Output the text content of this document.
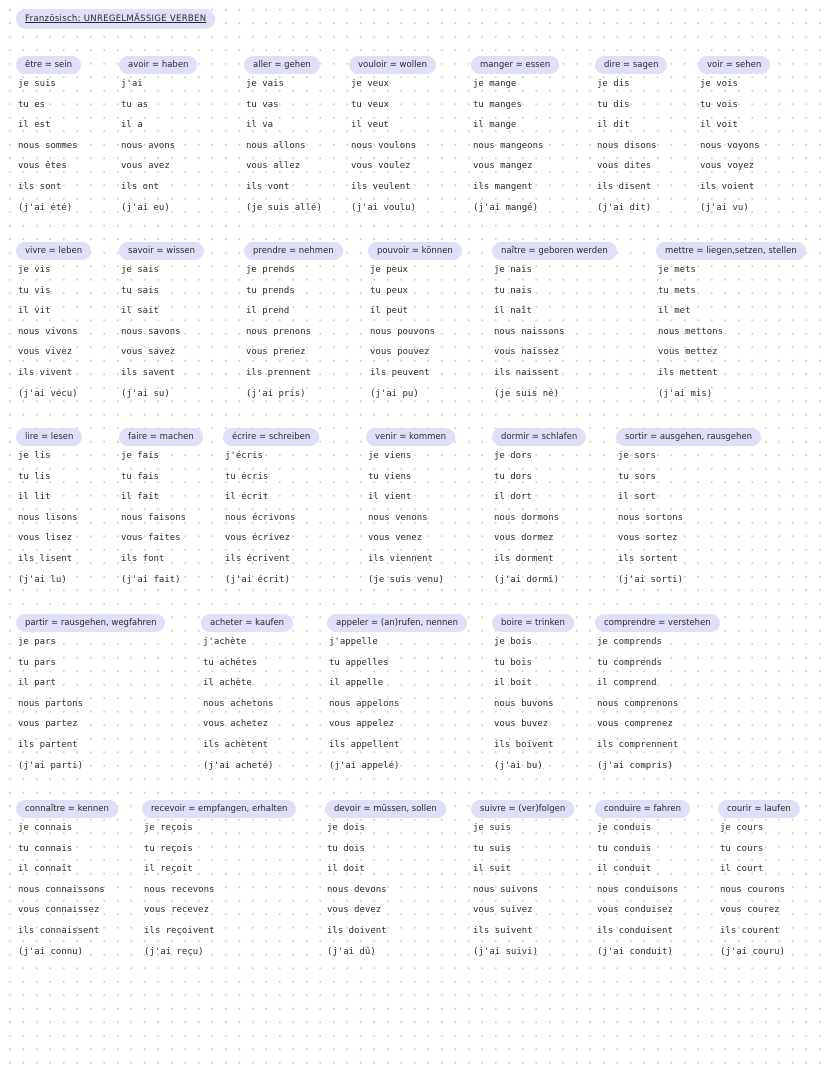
Französisch: UNREGELMÄSSIGE VERBEN
être = sein
je suis
tu es
il est
nous sommes
vous êtes
ils sont
(j'ai été)
avoir = haben
j'ai
tu as
il a
nous avons
vous avez
ils ont
(j'ai eu)
aller = gehen
je vais
tu vas
il va
nous allons
vous allez
ils vont
(je suis allé)
vouloir = wollen
je veux
tu veux
il veut
nous voulons
vous voulez
ils veulent
(j'ai voulu)
manger = essen
je mange
tu manges
il mange
nous mangeons
vous mangez
ils mangent
(j'ai mangé)
dire = sagen
je dis
tu dis
il dit
nous disons
vous dites
ils disent
(j'ai dit)
voir = sehen
je vois
tu vois
il voit
nous voyons
vous voyez
ils voient
(j'ai vu)
vivre = leben
je vis
tu vis
il vit
nous vivons
vous vivez
ils vivent
(j'ai vécu)
savoir = wissen
je sais
tu sais
il sait
nous savons
vous savez
ils savent
(j'ai su)
prendre = nehmen
je prends
tu prends
il prend
nous prenons
vous prenez
ils prennent
(j'ai pris)
pouvoir = können
je peux
tu peux
il peut
nous pouvons
vous pouvez
ils peuvent
(j'ai pu)
naître = geboren werden
je nais
tu nais
il naît
nous naissons
vous naissez
ils naissent
(je suis né)
mettre = liegen,setzen, stellen
je mets
tu mets
il met
nous mettons
vous mettez
ils mettent
(j'ai mis)
lire = lesen
je lis
tu lis
il lit
nous lisons
vous lisez
ils lisent
(j'ai lu)
faire = machen
je fais
tu fais
il fait
nous faisons
vous faites
ils font
(j'ai fait)
écrire = schreiben
j'écris
tu écris
il écrit
nous écrivons
vous écrivez
ils écrivent
(j'ai écrit)
venir = kommen
je viens
tu viens
il vient
nous venons
vous venez
ils viennent
(je suis venu)
dormir = schlafen
je dors
tu dors
il dort
nous dormons
vous dormez
ils dorment
(j'ai dormi)
sortir = ausgehen, rausgehen
je sors
tu sors
il sort
nous sortons
vous sortez
ils sortent
(j'ai sorti)
partir = rausgehen, wegfahren
je pars
tu pars
il part
nous partons
vous partez
ils partent
(j'ai parti)
acheter = kaufen
j'achète
tu achètes
il achète
nous achetons
vous achetez
ils achètent
(j'ai acheté)
appeler = (an)rufen, nennen
j'appelle
tu appelles
il appelle
nous appelons
vous appelez
ils appellent
(j'ai appelé)
boire = trinken
je bois
tu bois
il boit
nous buvons
vous buvez
ils boivent
(j'ai bu)
comprendre = verstehen
je comprends
tu comprends
il comprend
nous comprenons
vous comprenez
ils comprennent
(j'ai compris)
connaître = kennen
je connais
tu connais
il connaît
nous connaissons
vous connaissez
ils connaissent
(j'ai connu)
recevoir = empfangen, erhalten
je reçois
tu reçois
il reçoit
nous recevons
vous recevez
ils reçoivent
(j'ai reçu)
devoir = müssen, sollen
je dois
tu dois
il doit
nous devons
vous devez
ils doivent
(j'ai dû)
suivre = (ver)folgen
je suis
tu suis
il suit
nous suivons
vous suivez
ils suivent
(j'ai suivi)
conduire = fahren
je conduis
tu conduis
il conduit
nous conduisons
vous conduisez
ils conduisent
(j'ai conduit)
courir = laufen
je cours
tu cours
il court
nous courons
vous courez
ils courent
(j'ai couru)
